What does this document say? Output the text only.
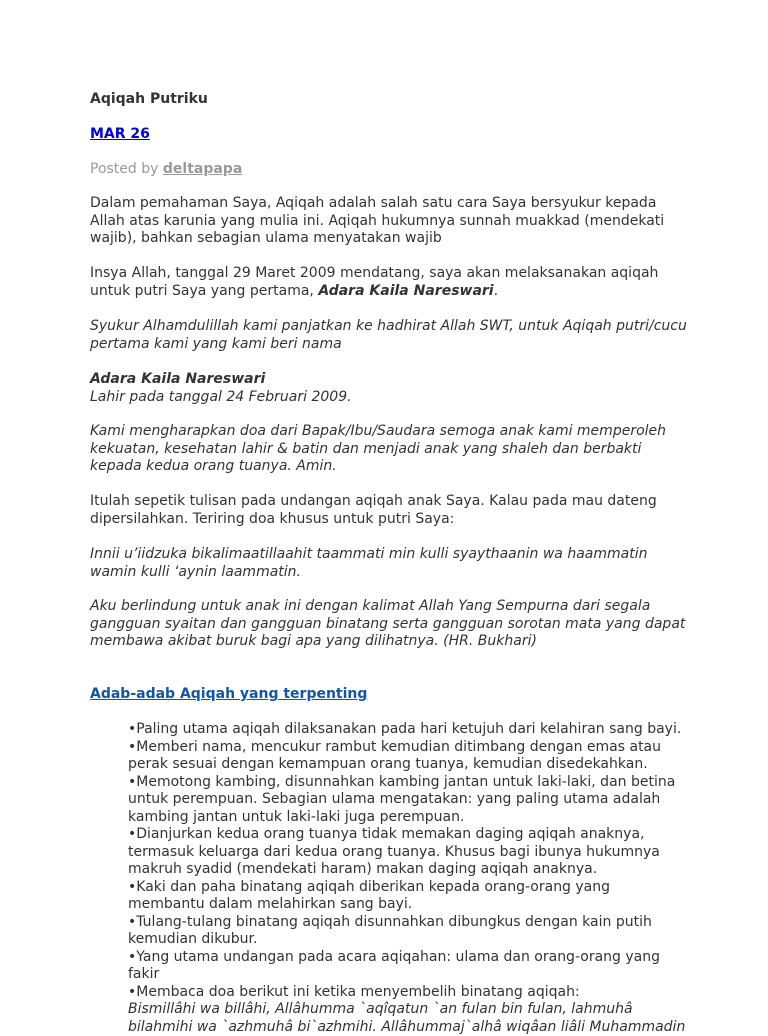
Aqiqah Putriku

MAR 26

Posted by deltapapa

Dalam pemahaman Saya, Aqiqah adalah salah satu cara Saya bersyukur kepada Allah atas karunia yang mulia ini. Aqiqah hukumnya sunnah muakkad (mendekati wajib), bahkan sebagian ulama menyatakan wajib

Insya Allah, tanggal 29 Maret 2009 mendatang, saya akan melaksanakan aqiqah untuk putri Saya yang pertama, Adara Kaila Nareswari.

Syukur Alhamdulillah kami panjatkan ke hadhirat Allah SWT, untuk Aqiqah putri/cucu pertama kami yang kami beri nama

Adara Kaila Nareswari
Lahir pada tanggal 24 Februari 2009.

Kami mengharapkan doa dari Bapak/Ibu/Saudara semoga anak kami memperoleh kekuatan, kesehatan lahir & batin dan menjadi anak yang shaleh dan berbakti kepada kedua orang tuanya. Amin.

Itulah sepetik tulisan pada undangan aqiqah anak Saya. Kalau pada mau dateng dipersilahkan. Teriring doa khusus untuk putri Saya:

Innii u’iidzuka bikalimaatillaahit taammati min kulli syaythaanin wa haammatin wamin kulli ‘aynin laammatin.

Aku berlindung untuk anak ini dengan kalimat Allah Yang Sempurna dari segala gangguan syaitan dan gangguan binatang serta gangguan sorotan mata yang dapat membawa akibat buruk bagi apa yang dilihatnya. (HR. Bukhari)

Adab-adab Aqiqah yang terpenting

•Paling utama aqiqah dilaksanakan pada hari ketujuh dari kelahiran sang bayi.
•Memberi nama, mencukur rambut kemudian ditimbang dengan emas atau perak sesuai dengan kemampuan orang tuanya, kemudian disedekahkan.
•Memotong kambing, disunnahkan kambing jantan untuk laki-laki, dan betina untuk perempuan. Sebagian ulama mengatakan: yang paling utama adalah kambing jantan untuk laki-laki juga perempuan.
•Dianjurkan kedua orang tuanya tidak memakan daging aqiqah anaknya, termasuk keluarga dari kedua orang tuanya. Khusus bagi ibunya hukumnya makruh syadid (mendekati haram) makan daging aqiqah anaknya.
•Kaki dan paha binatang aqiqah diberikan kepada orang-orang yang membantu dalam melahirkan sang bayi.
•Tulang-tulang binatang aqiqah disunnahkan dibungkus dengan kain putih kemudian dikubur.
•Yang utama undangan pada acara aqiqahan: ulama dan orang-orang yang fakir
•Membaca doa berikut ini ketika menyembelih binatang aqiqah:
Bismillâhi wa billâhi, Allâhumma `aqîqatun `an fulan bin fulan, lahmuhâ bilahmihi wa `azhmuhâ bi`azhmihi. Allâhummaj`alhâ wiqâan liâli Muhammadin
